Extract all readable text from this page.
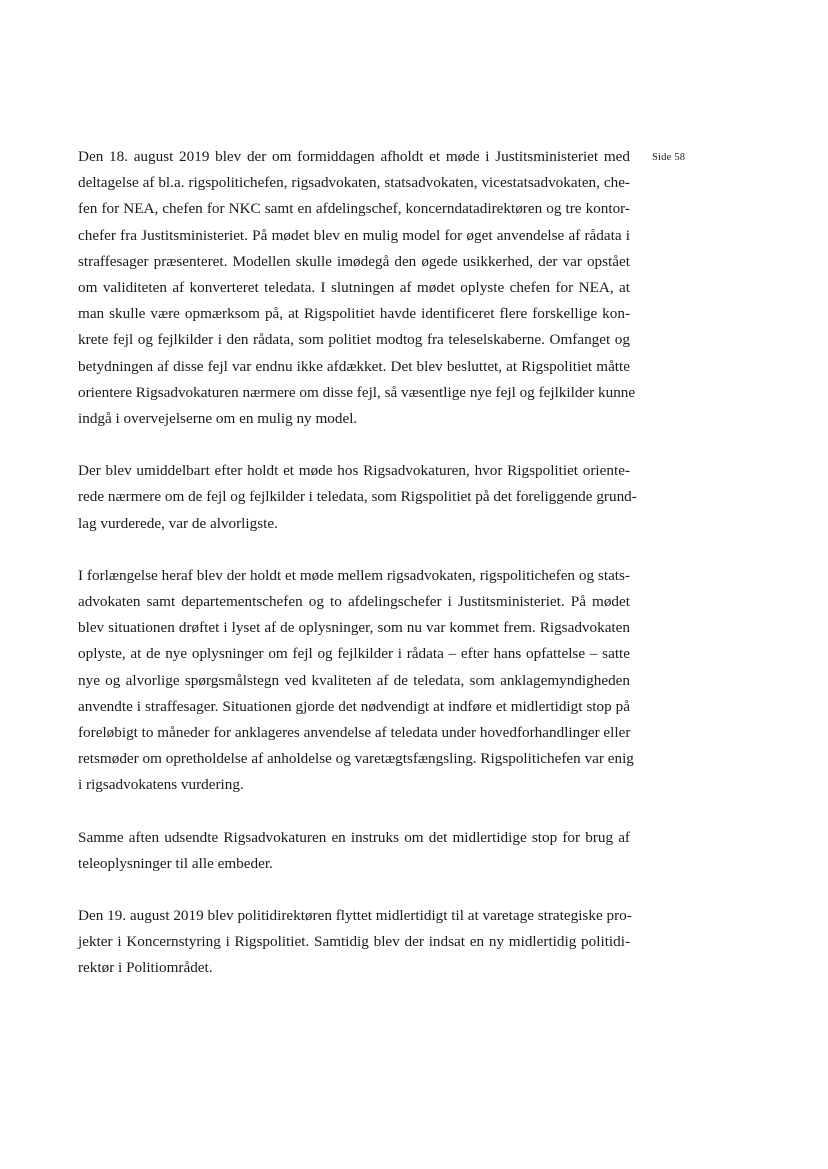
Side 58

Den 18. august 2019 blev der om formiddagen afholdt et møde i Justitsministeriet med
deltagelse af bl.a. rigspolitichefen, rigsadvokaten, statsadvokaten, vicestatsadvokaten, che-
fen for NEA, chefen for NKC samt en afdelingschef, koncerndatadirektøren og tre kontor-
chefer fra Justitsministeriet. På mødet blev en mulig model for øget anvendelse af rådata i
straffesager præsenteret. Modellen skulle imødegå den øgede usikkerhed, der var opstået
om validiteten af konverteret teledata. I slutningen af mødet oplyste chefen for NEA, at
man skulle være opmærksom på, at Rigspolitiet havde identificeret flere forskellige kon-
krete fejl og fejlkilder i den rådata, som politiet modtog fra teleselskaberne. Omfanget og
betydningen af disse fejl var endnu ikke afdækket. Det blev besluttet, at Rigspolitiet måtte
orientere Rigsadvokaturen nærmere om disse fejl, så væsentlige nye fejl og fejlkilder kunne
indgå i overvejelserne om en mulig ny model.

Der blev umiddelbart efter holdt et møde hos Rigsadvokaturen, hvor Rigspolitiet oriente-
rede nærmere om de fejl og fejlkilder i teledata, som Rigspolitiet på det foreliggende grund-
lag vurderede, var de alvorligste.

I forlængelse heraf blev der holdt et møde mellem rigsadvokaten, rigspolitichefen og stats-
advokaten samt departementschefen og to afdelingschefer i Justitsministeriet. På mødet
blev situationen drøftet i lyset af de oplysninger, som nu var kommet frem. Rigsadvokaten
oplyste, at de nye oplysninger om fejl og fejlkilder i rådata – efter hans opfattelse – satte
nye og alvorlige spørgsmålstegn ved kvaliteten af de teledata, som anklagemyndigheden
anvendte i straffesager. Situationen gjorde det nødvendigt at indføre et midlertidigt stop på
foreløbigt to måneder for anklageres anvendelse af teledata under hovedforhandlinger eller
retsmøder om opretholdelse af anholdelse og varetægtsfængsling. Rigspolitichefen var enig
i rigsadvokatens vurdering.

Samme aften udsendte Rigsadvokaturen en instruks om det midlertidige stop for brug af
teleoplysninger til alle embeder.

Den 19. august 2019 blev politidirektøren flyttet midlertidigt til at varetage strategiske pro-
jekter i Koncernstyring i Rigspolitiet. Samtidig blev der indsat en ny midlertidig politidi-
rektør i Politiområdet.
